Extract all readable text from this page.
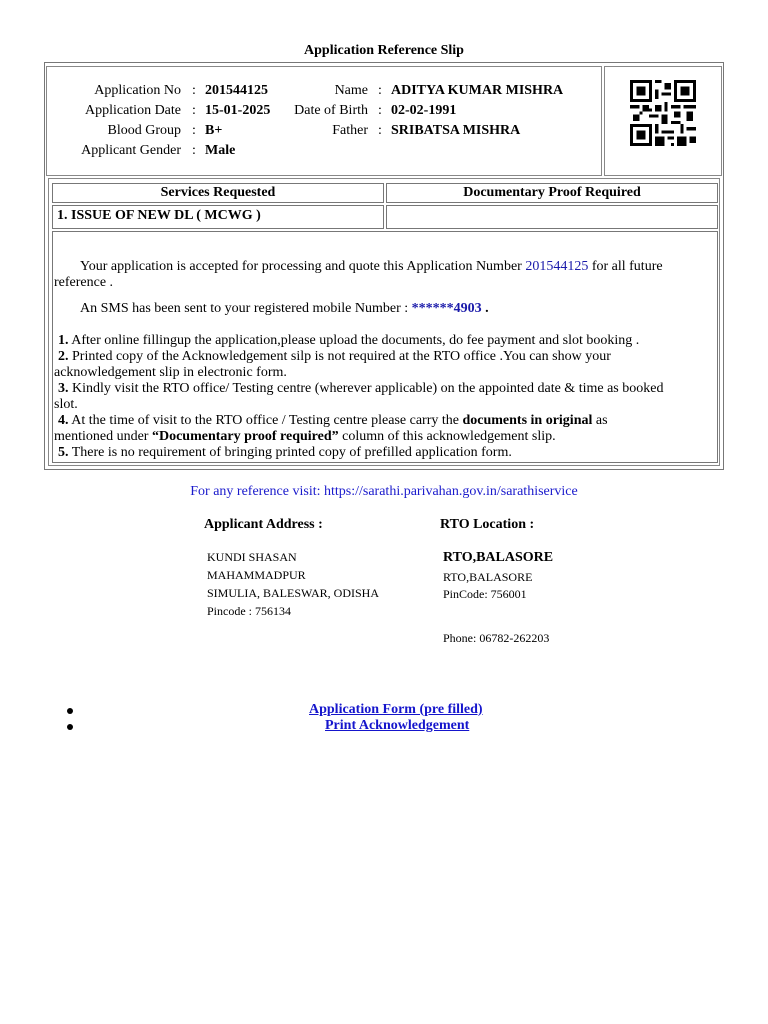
Application Reference Slip
Application No : 201544125
Application Date : 15-01-2025
Blood Group : B+
Applicant Gender : Male
Name : ADITYA KUMAR MISHRA
Date of Birth : 02-02-1991
Father : SRIBATSA MISHRA
Services Requested	Documentary Proof Required
1. ISSUE OF NEW DL ( MCWG )
Your application is accepted for processing and quote this Application Number 201544125 for all future
reference .
An SMS has been sent to your registered mobile Number : ******4903 .
1. After online fillingup the application,please upload the documents, do fee payment and slot booking .
2. Printed copy of the Acknowledgement silp is not required at the RTO office .You can show your
acknowledgement slip in electronic form.
3. Kindly visit the RTO office/ Testing centre (wherever applicable) on the appointed date & time as booked
slot.
4. At the time of visit to the RTO office / Testing centre please carry the documents in original as
mentioned under “Documentary proof required” column of this acknowledgement slip.
5. There is no requirement of bringing printed copy of prefilled application form.
For any reference visit: https://sarathi.parivahan.gov.in/sarathiservice
Applicant Address :
KUNDI SHASAN
MAHAMMADPUR
SIMULIA, BALESWAR, ODISHA
Pincode : 756134
RTO Location :
RTO,BALASORE
RTO,BALASORE
PinCode: 756001
Phone: 06782-262203
Application Form (pre filled)
Print Acknowledgement
